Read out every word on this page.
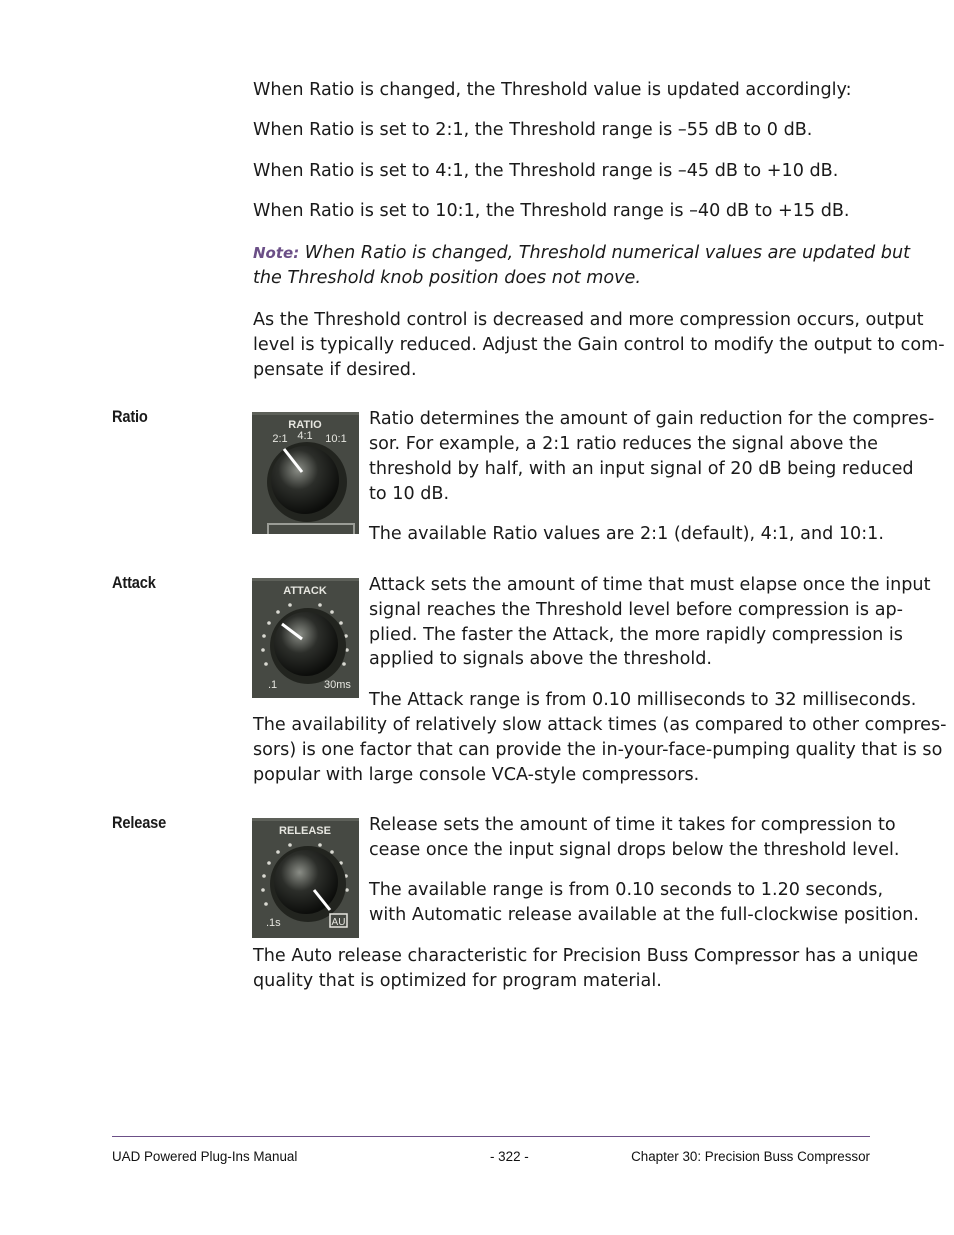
When Ratio is changed, the Threshold value is updated accordingly:

When Ratio is set to 2:1, the Threshold range is –55 dB to 0 dB.

When Ratio is set to 4:1, the Threshold range is –45 dB to +10 dB.

When Ratio is set to 10:1, the Threshold range is –40 dB to +15 dB.

Note: When Ratio is changed, Threshold numerical values are updated but

the Threshold knob position does not move.

As the Threshold control is decreased and more compression occurs, output

level is typically reduced. Adjust the Gain control to modify the output to com-

pensate if desired.

Ratio	RATIO
2:1 4:1 10:1

Ratio determines the amount of gain reduction for the compres-

sor. For example, a 2:1 ratio reduces the signal above the

threshold by half, with an input signal of 20 dB being reduced

to 10 dB.

The available Ratio values are 2:1 (default), 4:1, and 10:1.

Attack	ATTACK
.1	30ms

Attack sets the amount of time that must elapse once the input

signal reaches the Threshold level before compression is ap-

plied. The faster the Attack, the more rapidly compression is

applied to signals above the threshold.

The Attack range is from 0.10 milliseconds to 32 milliseconds.

The availability of relatively slow attack times (as compared to other compres-

sors) is one factor that can provide the in-your-face-pumping quality that is so

popular with large console VCA-style compressors.

Release	RELEASE
.1s	AU

Release sets the amount of time it takes for compression to

cease once the input signal drops below the threshold level.

The available range is from 0.10 seconds to 1.20 seconds,

with Automatic release available at the full-clockwise position.

The Auto release characteristic for Precision Buss Compressor has a unique

quality that is optimized for program material.

UAD Powered Plug-Ins Manual	- 322 -	Chapter 30: Precision Buss Compressor
